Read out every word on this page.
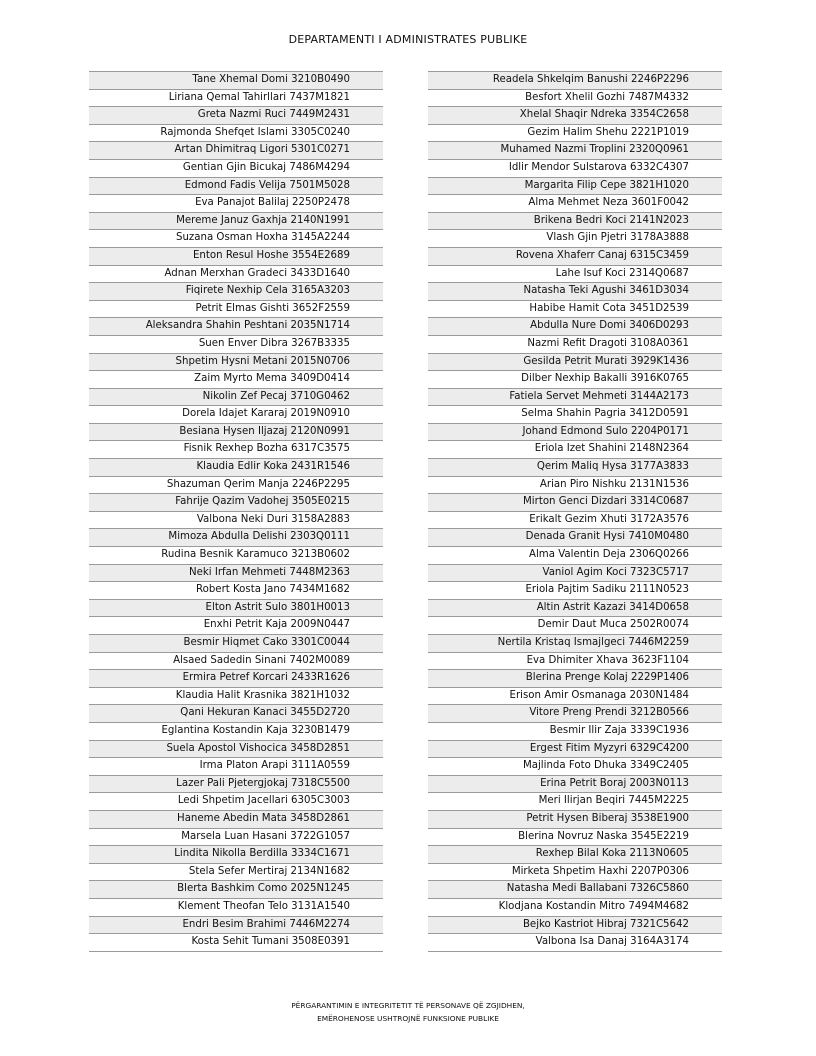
DEPARTAMENTI I ADMINISTRATES PUBLIKE
Tane Xhemal Domi 3210B0490
Liriana Qemal Tahirllari 7437M1821
Greta Nazmi Ruci 7449M2431
Rajmonda Shefqet Islami 3305C0240
Artan Dhimitraq Ligori 5301C0271
Gentian Gjin Bicukaj 7486M4294
Edmond Fadis Velija 7501M5028
Eva Panajot Balilaj 2250P2478
Mereme Januz Gaxhja 2140N1991
Suzana Osman Hoxha 3145A2244
Enton Resul Hoshe 3554E2689
Adnan Merxhan Gradeci 3433D1640
Fiqirete Nexhip Cela 3165A3203
Petrit Elmas Gishti 3652F2559
Aleksandra Shahin Peshtani 2035N1714
Suen Enver Dibra 3267B3335
Shpetim Hysni Metani 2015N0706
Zaim Myrto Mema 3409D0414
Nikolin Zef Pecaj 3710G0462
Dorela Idajet Kararaj 2019N0910
Besiana Hysen Iljazaj 2120N0991
Fisnik Rexhep Bozha 6317C3575
Klaudia Edlir Koka 2431R1546
Shazuman Qerim Manja 2246P2295
Fahrije Qazim Vadohej 3505E0215
Valbona Neki Duri 3158A2883
Mimoza Abdulla Delishi 2303Q0111
Rudina Besnik Karamuco 3213B0602
Neki Irfan Mehmeti 7448M2363
Robert Kosta Jano 7434M1682
Elton Astrit Sulo 3801H0013
Enxhi Petrit Kaja 2009N0447
Besmir Hiqmet Cako 3301C0044
Alsaed Sadedin Sinani 7402M0089
Ermira Petref Korcari 2433R1626
Klaudia Halit Krasnika 3821H1032
Qani Hekuran Kanaci 3455D2720
Eglantina Kostandin Kaja 3230B1479
Suela Apostol Vishocica 3458D2851
Irma Platon Arapi 3111A0559
Lazer Pali Pjetergjokaj 7318C5500
Ledi Shpetim Jacellari 6305C3003
Haneme Abedin Mata 3458D2861
Marsela Luan Hasani 3722G1057
Lindita Nikolla Berdilla 3334C1671
Stela Sefer Mertiraj 2134N1682
Blerta Bashkim Como 2025N1245
Klement Theofan Telo 3131A1540
Endri Besim Brahimi 7446M2274
Kosta Sehit Tumani 3508E0391
Readela Shkelqim Banushi 2246P2296
Besfort Xhelil Gozhi 7487M4332
Xhelal Shaqir Ndreka 3354C2658
Gezim Halim Shehu 2221P1019
Muhamed Nazmi Troplini 2320Q0961
Idlir Mendor Sulstarova 6332C4307
Margarita Filip Cepe 3821H1020
Alma Mehmet Neza 3601F0042
Brikena Bedri Koci 2141N2023
Vlash Gjin Pjetri 3178A3888
Rovena Xhaferr Canaj 6315C3459
Lahe Isuf Koci 2314Q0687
Natasha Teki Agushi 3461D3034
Habibe Hamit Cota 3451D2539
Abdulla Nure Domi 3406D0293
Nazmi Refit Dragoti 3108A0361
Gesilda Petrit Murati 3929K1436
Dilber Nexhip Bakalli 3916K0765
Fatiela Servet Mehmeti 3144A2173
Selma Shahin Pagria 3412D0591
Johand Edmond Sulo 2204P0171
Eriola Izet Shahini 2148N2364
Qerim Maliq Hysa 3177A3833
Arian Piro Nishku 2131N1536
Mirton Genci Dizdari 3314C0687
Erikalt Gezim Xhuti 3172A3576
Denada Granit Hysi 7410M0480
Alma Valentin Deja 2306Q0266
Vaniol Agim Koci 7323C5717
Eriola Pajtim Sadiku 2111N0523
Altin Astrit Kazazi 3414D0658
Demir Daut Muca 2502R0074
Nertila Kristaq Ismajlgeci 7446M2259
Eva Dhimiter Xhava 3623F1104
Blerina Prenge Kolaj 2229P1406
Erison Amir Osmanaga 2030N1484
Vitore Preng Prendi 3212B0566
Besmir Ilir Zaja 3339C1936
Ergest Fitim Myzyri 6329C4200
Majlinda Foto Dhuka 3349C2405
Erina Petrit Boraj 2003N0113
Meri Ilirjan Beqiri 7445M2225
Petrit Hysen Biberaj 3538E1900
Blerina Novruz Naska 3545E2219
Rexhep Bilal Koka 2113N0605
Mirketa Shpetim Haxhi 2207P0306
Natasha Medi Ballabani 7326C5860
Klodjana Kostandin Mitro 7494M4682
Bejko Kastriot Hibraj 7321C5642
Valbona Isa Danaj 3164A3174
PËRGARANTIMIN E INTEGRITETIT TË PERSONAVE QË ZGJIDHEN,
EMËROHENOSE USHTROJNË FUNKSIONE PUBLIKE
